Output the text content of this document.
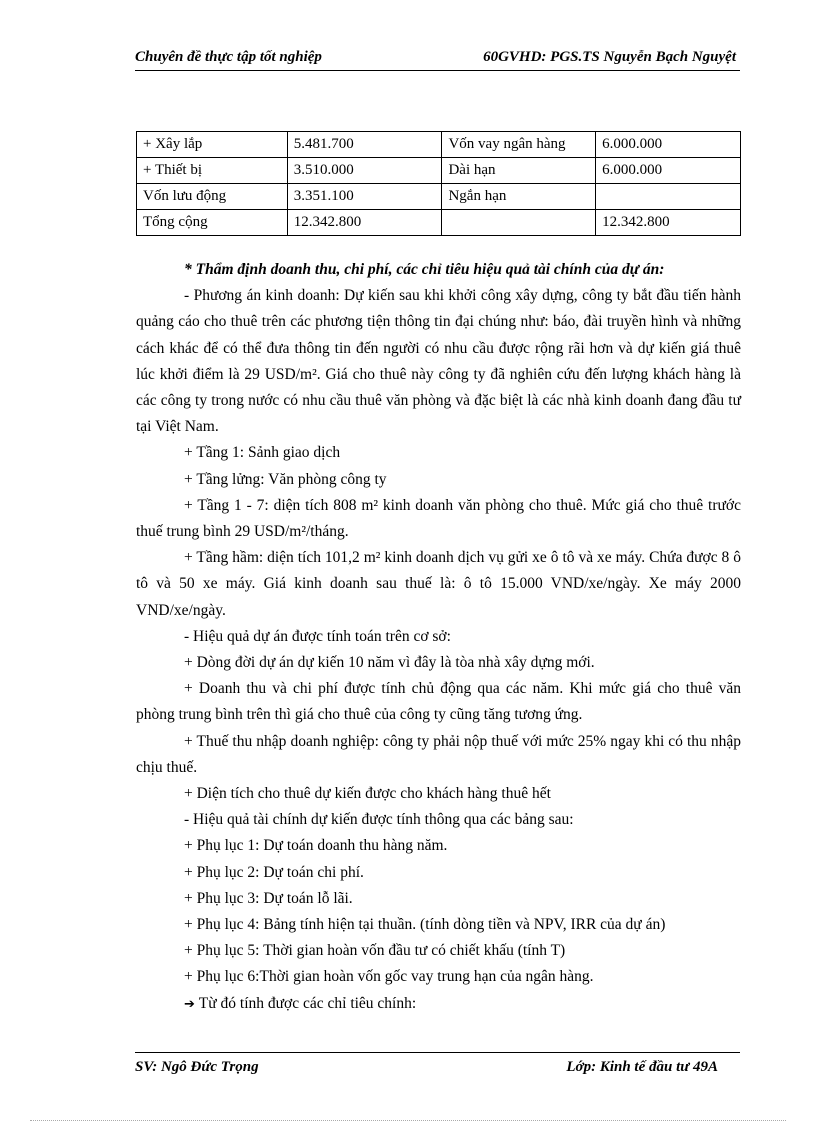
Chuyên đề thực tập tốt nghiệp	60GVHD: PGS.TS Nguyễn Bạch Nguyệt
+ Xây lắp	5.481.700	Vốn vay ngân hàng	6.000.000
+ Thiết bị	3.510.000	Dài hạn	6.000.000
Vốn lưu động	3.351.100	Ngắn hạn	
Tổng cộng	12.342.800		12.342.800

* Thẩm định doanh thu, chi phí, các chỉ tiêu hiệu quả tài chính của dự án:

- Phương án kinh doanh: Dự kiến sau khi khởi công xây dựng, công ty bắt đầu tiến hành quảng cáo cho thuê trên các phương tiện thông tin đại chúng như: báo, đài truyền hình và những cách khác để có thể đưa thông tin đến người có nhu cầu được rộng rãi hơn và dự kiến giá thuê lúc khởi điểm là 29 USD/m². Giá cho thuê này công ty đã nghiên cứu đến lượng khách hàng là các công ty trong nước có nhu cầu thuê văn phòng và đặc biệt là các nhà kinh doanh đang đầu tư tại Việt Nam.

+ Tầng 1: Sảnh giao dịch

+ Tầng lửng: Văn phòng công ty

+ Tầng 1 - 7: diện tích 808 m² kinh doanh văn phòng cho thuê. Mức giá cho thuê trước thuế trung bình 29 USD/m²/tháng.

+ Tầng hầm: diện tích 101,2 m² kinh doanh dịch vụ gửi xe ô tô và xe máy. Chứa được 8 ô tô và 50 xe máy. Giá kinh doanh sau thuế là: ô tô 15.000 VND/xe/ngày. Xe máy 2000 VND/xe/ngày.

- Hiệu quả dự án được tính toán trên cơ sở:

+ Dòng đời dự án dự kiến 10 năm vì đây là tòa nhà xây dựng mới.

+ Doanh thu và chi phí được tính chủ động qua các năm. Khi mức giá cho thuê văn phòng trung bình trên thì giá cho thuê của công ty cũng tăng tương ứng.

+ Thuế thu nhập doanh nghiệp: công ty phải nộp thuế với mức 25% ngay khi có thu nhập chịu thuế.

+ Diện tích cho thuê dự kiến được cho khách hàng thuê hết

- Hiệu quả tài chính dự kiến được tính thông qua các bảng sau:

+ Phụ lục 1: Dự toán doanh thu hàng năm.

+ Phụ lục 2: Dự toán chi phí.

+ Phụ lục 3: Dự toán lỗ lãi.

+ Phụ lục 4: Bảng tính hiện tại thuần. (tính dòng tiền và NPV, IRR của dự án)

+ Phụ lục 5: Thời gian hoàn vốn đầu tư có chiết khấu (tính T)

+ Phụ lục 6:Thời gian hoàn vốn gốc vay trung hạn của ngân hàng.

➔ Từ đó tính được các chỉ tiêu chính:

SV: Ngô Đức Trọng	Lớp: Kinh tế đầu tư 49A
